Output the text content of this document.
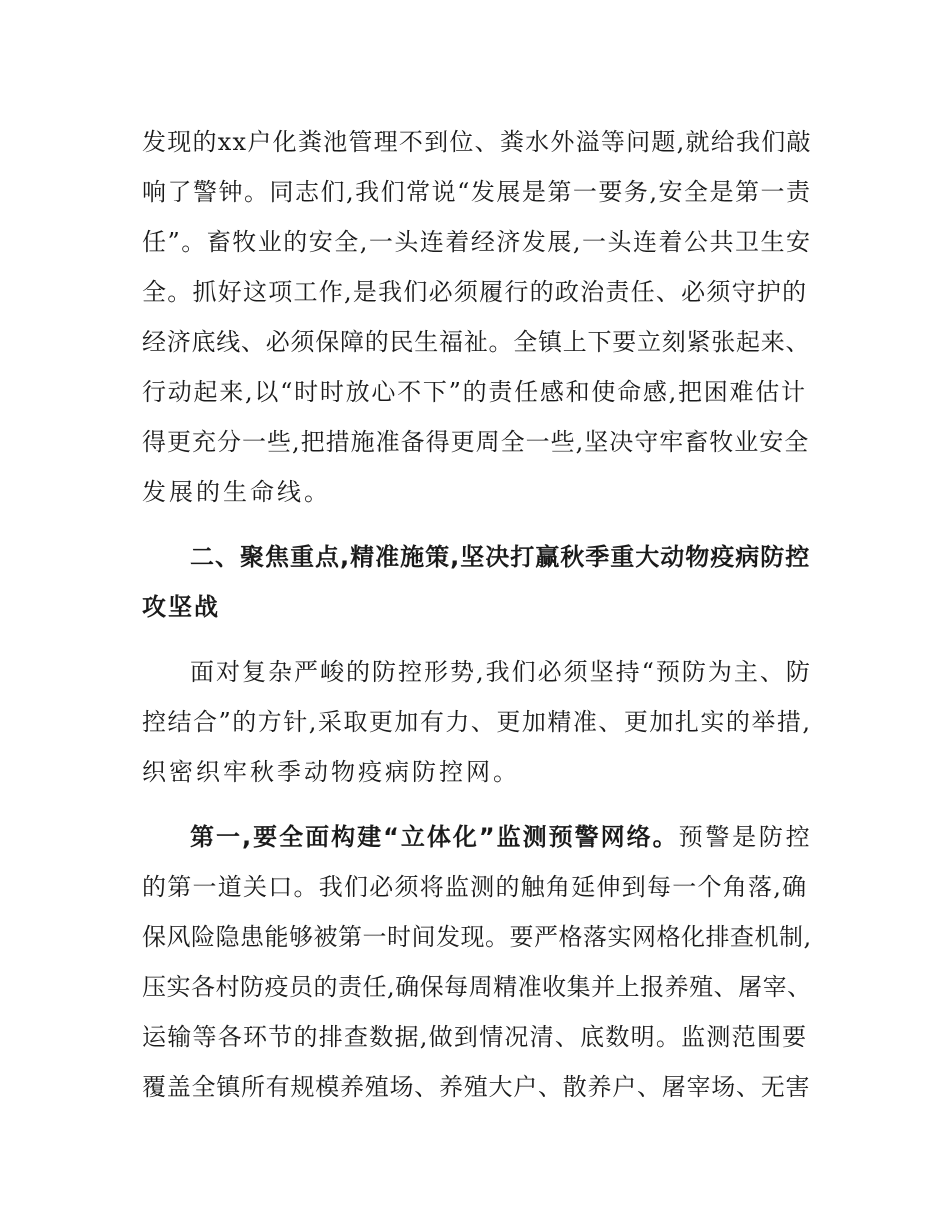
发现的xx户化粪池管理不到位、粪水外溢等问题,就给我们敲
响了警钟。同志们,我们常说“发展是第一要务,安全是第一责
任”。畜牧业的安全,一头连着经济发展,一头连着公共卫生安
全。抓好这项工作,是我们必须履行的政治责任、必须守护的
经济底线、必须保障的民生福祉。全镇上下要立刻紧张起来、
行动起来,以“时时放心不下”的责任感和使命感,把困难估计
得更充分一些,把措施准备得更周全一些,坚决守牢畜牧业安全
发展的生命线。
二、聚焦重点,精准施策,坚决打赢秋季重大动物疫病防控
攻坚战
面对复杂严峻的防控形势,我们必须坚持“预防为主、防
控结合”的方针,采取更加有力、更加精准、更加扎实的举措,
织密织牢秋季动物疫病防控网。
第一,要全面构建“立体化”监测预警网络。预警是防控
的第一道关口。我们必须将监测的触角延伸到每一个角落,确
保风险隐患能够被第一时间发现。要严格落实网格化排查机制,
压实各村防疫员的责任,确保每周精准收集并上报养殖、屠宰、
运输等各环节的排查数据,做到情况清、底数明。监测范围要
覆盖全镇所有规模养殖场、养殖大户、散养户、屠宰场、无害
